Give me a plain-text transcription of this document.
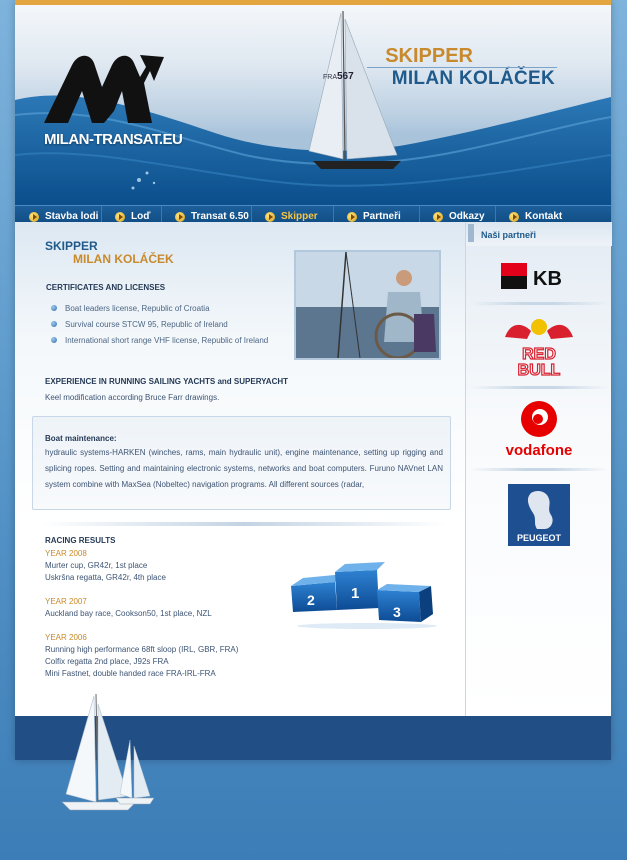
MILAN-TRANSAT.EU
SKIPPER
MILAN KOLÁČEK
FRA 567
Stavba lodi	Loď	Transat 6.50	Skipper	Partneři	Odkazy	Kontakt
SKIPPER
MILAN KOLÁČEK
CERTIFICATES AND LICENSES
Boat leaders license, Republic of Croatia
Survival course STCW 95, Republic of Ireland
International short range VHF license, Republic of Ireland
EXPERIENCE IN RUNNING SAILING YACHTS and SUPERYACHT
Keel modification according Bruce Farr drawings.
Boat maintenance:
hydraulic systems-HARKEN (winches, rams, main hydraulic unit), engine maintenance, setting up rigging and splicing ropes. Setting and maintaining electronic systems, networks and boat computers. Furuno NAVnet LAN system combine with MaxSea (Nobeltec) navigation programs. All different sources (radar,
RACING RESULTS
YEAR 2008
Murter cup, GR42r, 1st place
Uskršna regatta, GR42r, 4th place
YEAR 2007
Auckland bay race, Cookson50, 1st place, NZL
YEAR 2006
Running high performance 68ft sloop (IRL, GBR, FRA)
Colfix regatta 2nd place, J92s FRA
Mini Fastnet, double handed race FRA-IRL-FRA
2 1
3
Naši partneři
KB
RED
BULL
vodafone
PEUGEOT
